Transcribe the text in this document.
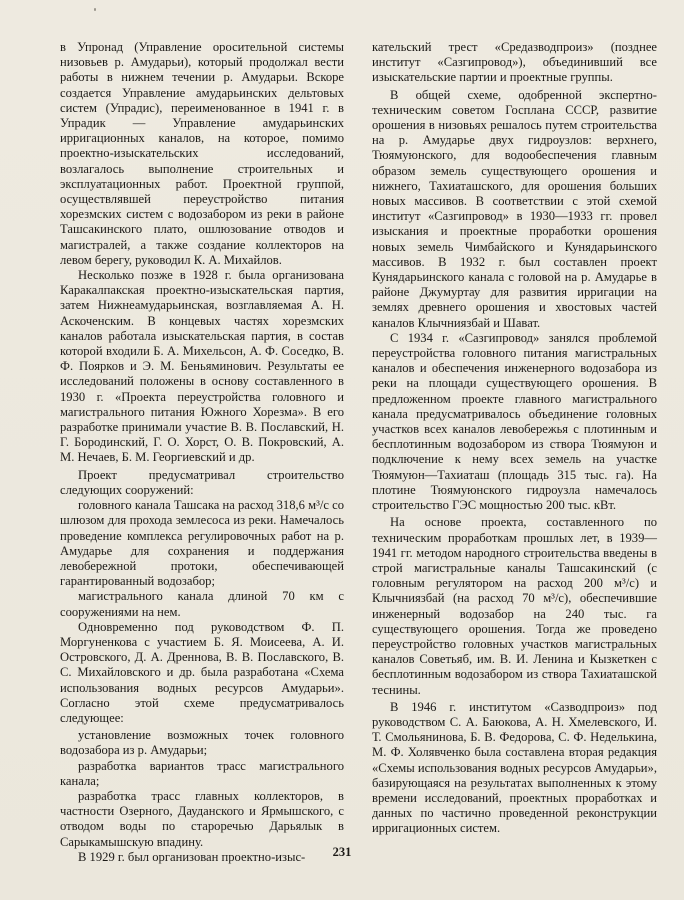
в Упронад (Управление оросительной системы низовьев р. Амударьи), который продолжал вести работы в нижнем течении р. Амударьи. Вскоре создается Управление амударьинских дельтовых систем (Упрадис), переименованное в 1941 г. в Упрадик — Управление амударьинских ирригационных каналов, на которое, помимо проектно-изыскательских исследований, возлагалось выполнение строительных и эксплуатационных работ. Проектной группой, осуществлявшей переустройство питания хорезмских систем с водозабором из реки в районе Ташсакинского плато, ошлюзование отводов и магистралей, а также создание коллекторов на левом берегу, руководил К. А. Михайлов.

Несколько позже в 1928 г. была организована Каракалпакская проектно-изыскательская партия, затем Нижнеамударьинская, возглавляемая А. Н. Аскоченским. В концевых частях хорезмских каналов работала изыскательская партия, в состав которой входили Б. А. Михельсон, А. Ф. Соседко, В. Ф. Поярков и Э. М. Беньяминович. Результаты ее исследований положены в основу составленного в 1930 г. «Проекта переустройства головного и магистрального питания Южного Хорезма». В его разработке принимали участие В. В. Пославский, Н. Г. Бородинский, Г. О. Хорст, О. В. Покровский, А. М. Нечаев, Б. М. Георгиевский и др.

Проект предусматривал строительство следующих сооружений:

головного канала Ташсака на расход 318,6 м³/с со шлюзом для прохода землесоса из реки. Намечалось проведение комплекса регулировочных работ на р. Амударье для сохранения и поддержания левобережной протоки, обеспечивающей гарантированный водозабор;

магистрального канала длиной 70 км с сооружениями на нем.

Одновременно под руководством Ф. П. Моргуненкова с участием Б. Я. Моисеева, А. И. Островского, Д. А. Дреннова, В. В. Пославского, В. С. Михайловского и др. была разработана «Схема использования водных ресурсов Амударьи». Согласно этой схеме предусматривалось следующее:

установление возможных точек головного водозабора из р. Амударьи;

разработка вариантов трасс магистрального канала;

разработка трасс главных коллекторов, в частности Озерного, Дауданского и Ярмышского, с отводом воды по староречью Дарьялык в Сарыкамышскую впадину.

В 1929 г. был организован проектно-изыс-

кательский трест «Средазводпроиз» (позднее институт «Сазгипровод»), объединивший все изыскательские партии и проектные группы.

В общей схеме, одобренной экспертно-техническим советом Госплана СССР, развитие орошения в низовьях решалось путем строительства на р. Амударье двух гидроузлов: верхнего, Тюямуюнского, для водообеспечения главным образом земель существующего орошения и нижнего, Тахиаташского, для орошения больших новых массивов. В соответствии с этой схемой институт «Сазгипровод» в 1930—1933 гг. провел изыскания и проектные проработки орошения новых земель Чимбайского и Кунядарьинского массивов. В 1932 г. был составлен проект Кунядарьинского канала с головой на р. Амударье в районе Джумуртау для развития ирригации на землях древнего орошения и хвостовых частей каналов Клычниязбай и Шават.

С 1934 г. «Сазгипровод» занялся проблемой переустройства головного питания магистральных каналов и обеспечения инженерного водозабора из реки на площади существующего орошения. В предложенном проекте главного магистрального канала предусматривалось объединение головных участков всех каналов левобережья с плотинным и бесплотинным водозабором из створа Тюямуюн и подключение к нему всех земель на участке Тюямуюн—Тахиаташ (площадь 315 тыс. га). На плотине Тюямуюнского гидроузла намечалось строительство ГЭС мощностью 200 тыс. кВт.

На основе проекта, составленного по техническим проработкам прошлых лет, в 1939—1941 гг. методом народного строительства введены в строй магистральные каналы Ташсакинский (с головным регулятором на расход 200 м³/с) и Клычниязбай (на расход 70 м³/с), обеспечившие инженерный водозабор на 240 тыс. га существующего орошения. Тогда же проведено переустройство головных участков магистральных каналов Советьяб, им. В. И. Ленина и Кызкеткен с бесплотинным водозабором из створа Тахиаташской теснины.

В 1946 г. институтом «Сазводпроиз» под руководством С. А. Баюкова, А. Н. Хмелевского, И. Т. Смольянинова, Б. В. Федорова, С. Ф. Неделькина, М. Ф. Холявченко была составлена вторая редакция «Схемы использования водных ресурсов Амударьи», базирующаяся на результатах выполненных к этому времени исследований, проектных проработках и данных по частично проведенной реконструкции ирригационных систем.

231
